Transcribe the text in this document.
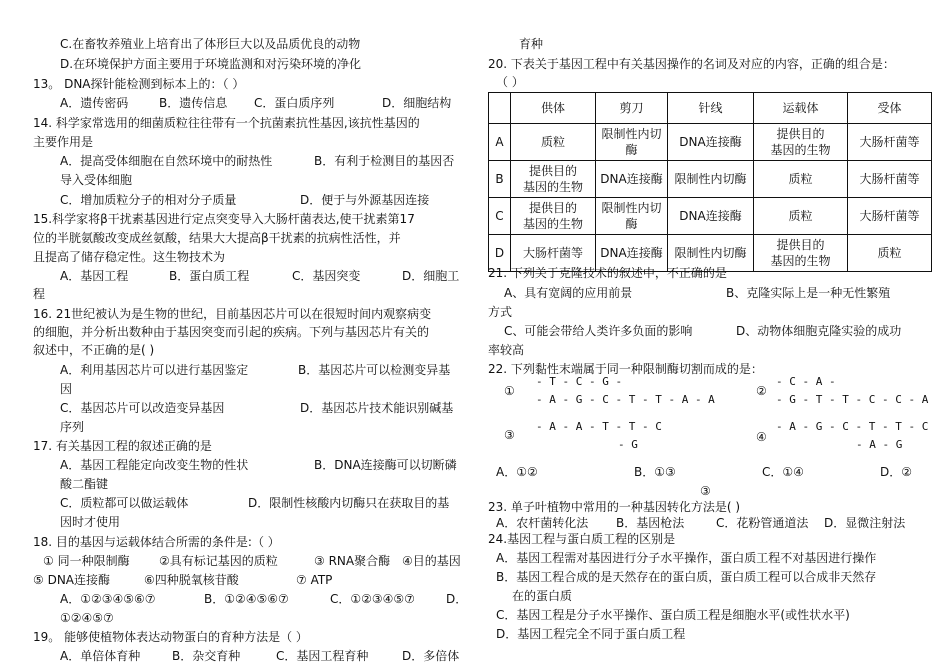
C.在畜牧养殖业上培育出了体形巨大以及品质优良的动物
D.在环境保护方面主要用于环境监测和对污染环境的净化
13。 DNA探针能检测到标本上的：（ ）
A．遗传密码	B．遗传信息 C．蛋白质序列	D．细胞结构
14. 科学家常选用的细菌质粒往往带有一个抗菌素抗性基因,该抗性基因的
主要作用是
A．提高受体细胞在自然环境中的耐热性	B．有利于检测目的基因否
导入受体细胞
C．增加质粒分子的相对分子质量	D．便于与外源基因连接
15.科学家将β干扰素基因进行定点突变导入大肠杆菌表达,使干扰素第17
位的半胱氨酸改变成丝氨酸，结果大大提高β干扰素的抗病性活性，并
且提高了储存稳定性。这生物技术为
A．基因工程	B．蛋白质工程	C．基因突变	D．细胞工
程
16. 21世纪被认为是生物的世纪，目前基因芯片可以在很短时间内观察病变
的细胞，并分析出数种由于基因突变而引起的疾病。下列与基因芯片有关的
叙述中，不正确的是( )
A．利用基因芯片可以进行基因鉴定	B．基因芯片可以检测变异基
因
C．基因芯片可以改造变异基因	D．基因芯片技术能识别碱基
序列
17. 有关基因工程的叙述正确的是
A．基因工程能定向改变生物的性状	B．DNA连接酶可以切断磷
酸二酯键
C．质粒都可以做运载体	D．限制性核酸内切酶只在获取目的基
因时才使用
18. 目的基因与运载体结合所需的条件是:（ ）
① 同一种限制酶 ②具有标记基因的质粒	③ RNA聚合酶 ④目的基因
⑤ DNA连接酶	⑥四种脱氧核苷酸	⑦ ATP
A．①②③④⑤⑥⑦	B．①②④⑤⑥⑦	C．①②③④⑤⑦	D．
①②④⑤⑦
19。 能够使植物体表达动物蛋白的育种方法是（ ）
A．单倍体育种	B．杂交育种	C．基因工程育种	D．多倍体
育种
20. 下表关于基因工程中有关基因操作的名词及对应的内容，正确的组合是：
（ ）
	供体	剪刀	针线	运载体	受体
A	质粒	限制性内切
酶	DNA连接酶	提供目的
基因的生物	大肠杆菌等
B	提供目的
基因的生物	DNA连接酶	限制性内切酶	质粒	大肠杆菌等
C	提供目的
基因的生物	限制性内切
酶	DNA连接酶	质粒	大肠杆菌等
D	大肠杆菌等	DNA连接酶	限制性内切酶	提供目的
基因的生物	质粒
21. 下列关于克隆技术的叙述中，不正确的是
A、具有宽阔的应用前景	B、克隆实际上是一种无性繁殖
方式
C、可能会带给人类许多负面的影响	D、动物体细胞克隆实验的成功
率较高
22. 下列黏性末端属于同一种限制酶切割而成的是：
①
- T - C - G -
- A - G - C - T - T - A - A
②
- C - A -
- G - T - T - C - C - A
③
- A - A - T - T - C
- G
④
- A - G - C - T - T - C
- A - G
A．①②	B．①③	C．①④	D．②
③
23. 单子叶植物中常用的一种基因转化方法是( )
A．农杆菌转化法 B．基因枪法	C．花粉管通道法 D．显微注射法
24.基因工程与蛋白质工程的区别是
A．基因工程需对基因进行分子水平操作，蛋白质工程不对基因进行操作
B．基因工程合成的是天然存在的蛋白质，蛋白质工程可以合成非天然存
在的蛋白质
C．基因工程是分子水平操作、蛋白质工程是细胞水平(或性状水平)
D．基因工程完全不同于蛋白质工程
